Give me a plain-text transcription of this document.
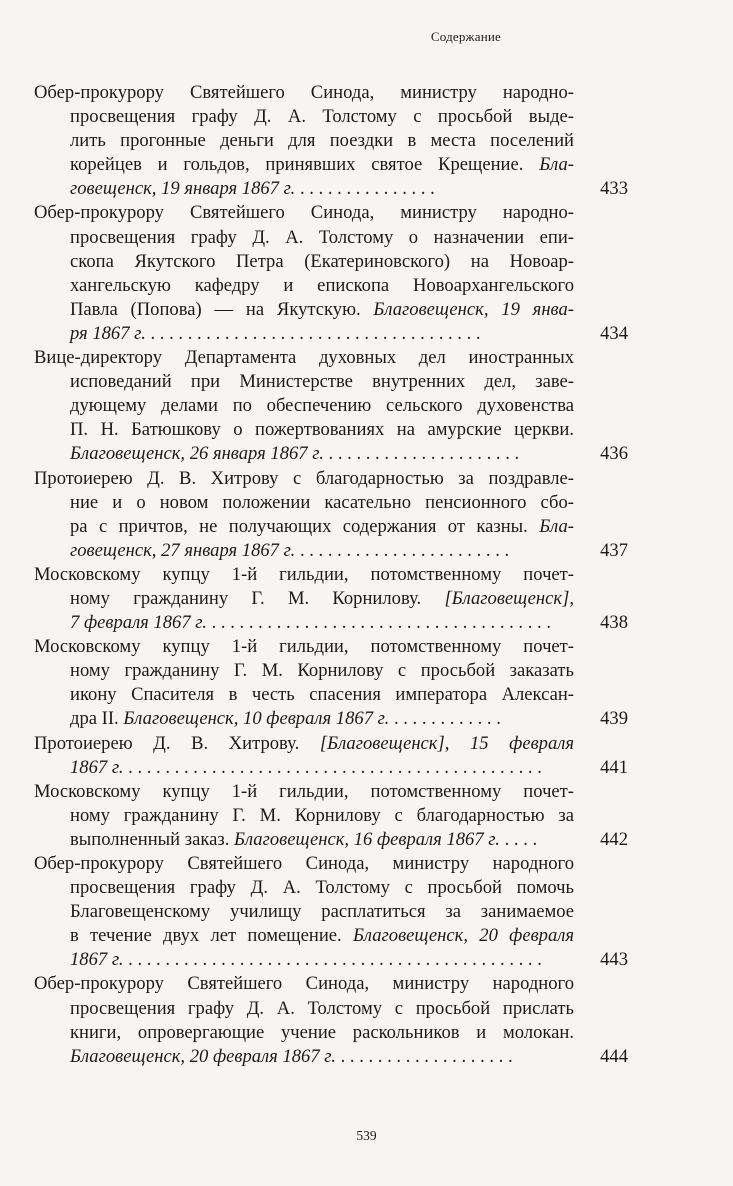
Содержание
Обер-прокурору Святейшего Синода, министру народно-
просвещения графу Д. А. Толстому с просьбой выде-
лить прогонные деньги для поездки в места поселений
корейцев и гольдов, принявших святое Крещение. Бла-
говещенск, 19 января 1867 г. . . . . . . . . . . . . . . .	433
Обер-прокурору Святейшего Синода, министру народно-
просвещения графу Д. А. Толстому о назначении епи-
скопа Якутского Петра (Екатериновского) на Новоар-
хангельскую кафедру и епископа Новоархангельского
Павла (Попова) — на Якутскую. Благовещенск, 19 янва-
ря 1867 г. . . . . . . . . . . . . . . . . . . . . . . . . . . . . . . . . . . . .	434
Вице-директору Департамента духовных дел иностранных
исповеданий при Министерстве внутренних дел, заве-
дующему делами по обеспечению сельского духовенства
П. Н. Батюшкову о пожертвованиях на амурские церкви.
Благовещенск, 26 января 1867 г. . . . . . . . . . . . . . . . . . . . . .	436
Протоиерею Д. В. Хитрову с благодарностью за поздравле-
ние и о новом положении касательно пенсионного сбо-
ра с причтов, не получающих содержания от казны. Бла-
говещенск, 27 января 1867 г. . . . . . . . . . . . . . . . . . . . . . . .	437
Московскому купцу 1-й гильдии, потомственному почет-
ному гражданину Г. М. Корнилову. [Благовещенск],
7 февраля 1867 г. . . . . . . . . . . . . . . . . . . . . . . . . . . . . . . . . . . . . .	438
Московскому купцу 1-й гильдии, потомственному почет-
ному гражданину Г. М. Корнилову с просьбой заказать
икону Спасителя в честь спасения императора Алексан-
дра II. Благовещенск, 10 февраля 1867 г. . . . . . . . . . . . .	439
Протоиерею Д. В. Хитрову. [Благовещенск], 15 февраля
1867 г. . . . . . . . . . . . . . . . . . . . . . . . . . . . . . . . . . . . . . . . . . . . . .	441
Московскому купцу 1-й гильдии, потомственному почет-
ному гражданину Г. М. Корнилову с благодарностью за
выполненный заказ. Благовещенск, 16 февраля 1867 г. . . . .	442
Обер-прокурору Святейшего Синода, министру народного
просвещения графу Д. А. Толстому с просьбой помочь
Благовещенскому училищу расплатиться за занимаемое
в течение двух лет помещение. Благовещенск, 20 февраля
1867 г. . . . . . . . . . . . . . . . . . . . . . . . . . . . . . . . . . . . . . . . . . . . . .	443
Обер-прокурору Святейшего Синода, министру народного
просвещения графу Д. А. Толстому с просьбой прислать
книги, опровергающие учение раскольников и молокан.
Благовещенск, 20 февраля 1867 г. . . . . . . . . . . . . . . . . . . .	444
539
